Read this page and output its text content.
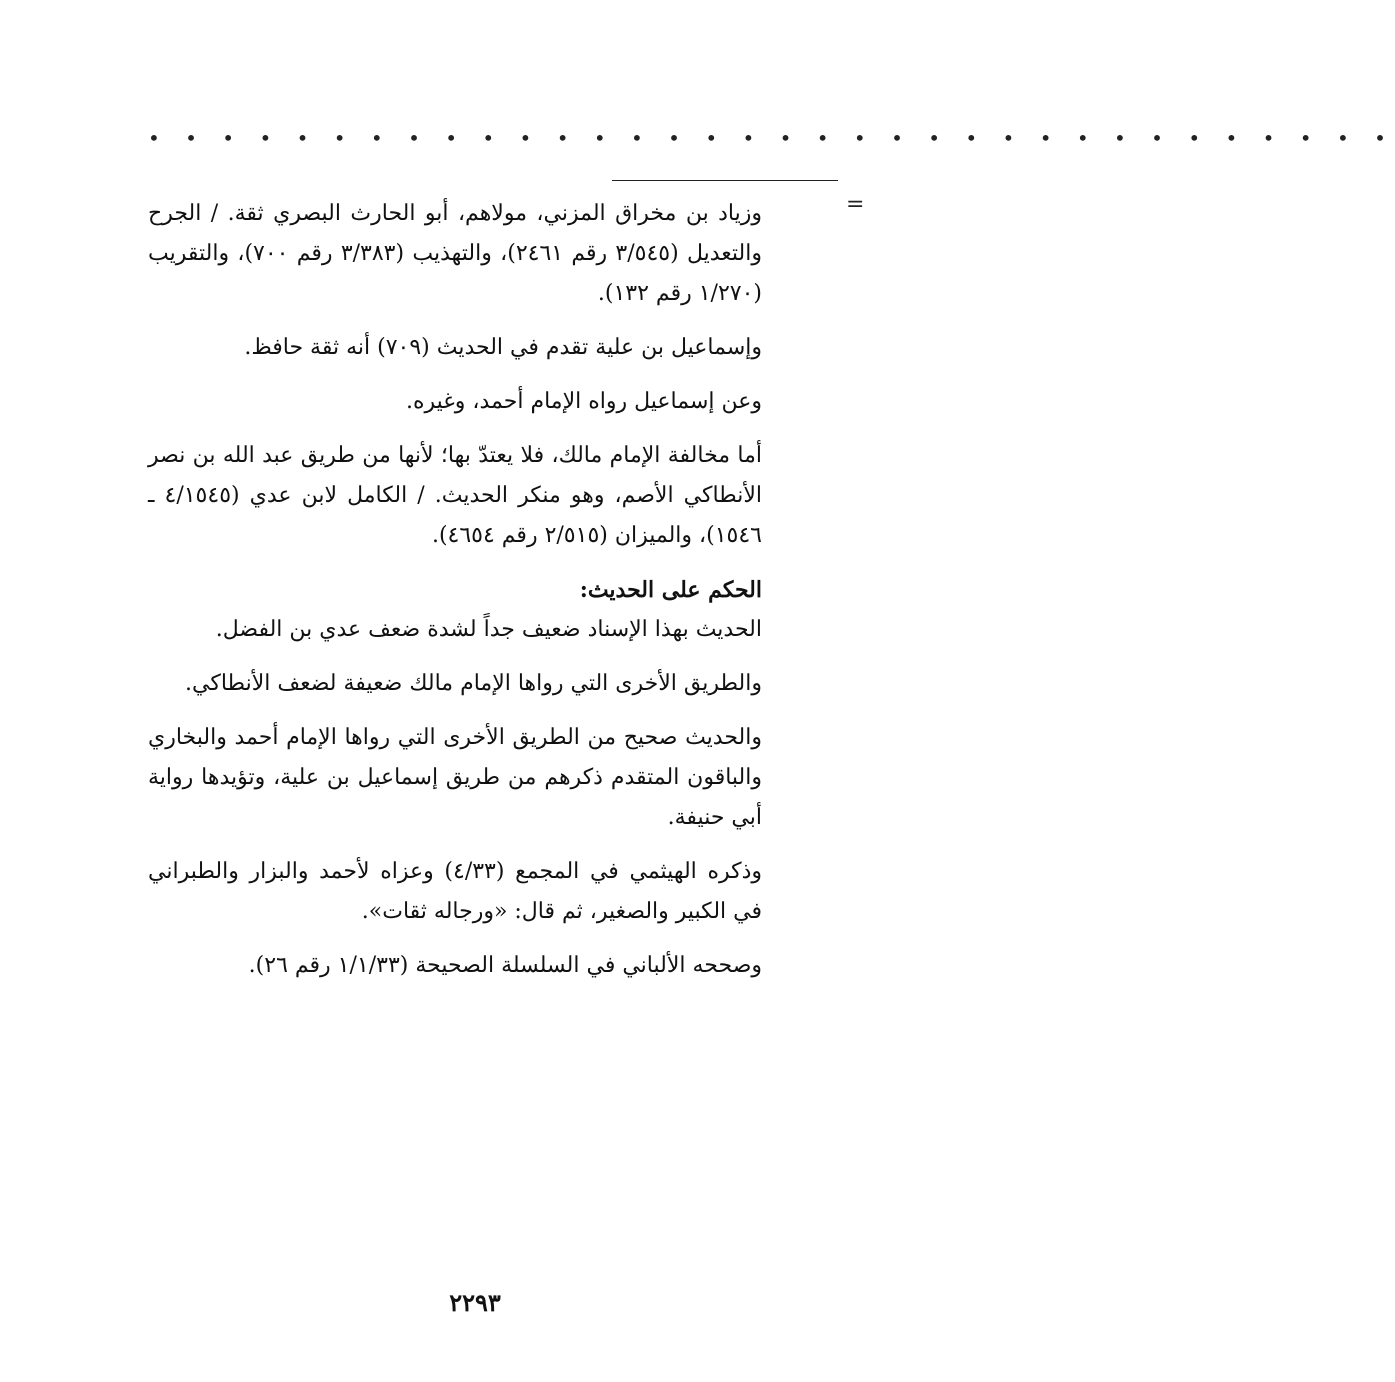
• • • • • • • • • • • • • • • • • • • • • • • • • • • • • • • • • •
=

وزياد بن مخراق المزني، مولاهم، أبو الحارث البصري ثقة. / الجرح والتعديل (٣/٥٤٥ رقم ٢٤٦١)، والتهذيب (٣/٣٨٣ رقم ٧٠٠)، والتقريب (١/٢٧٠ رقم ١٣٢).

وإسماعيل بن علية تقدم في الحديث (٧٠٩) أنه ثقة حافظ.

وعن إسماعيل رواه الإمام أحمد، وغيره.

أما مخالفة الإمام مالك، فلا يعتدّ بها؛ لأنها من طريق عبد الله بن نصر الأنطاكي الأصم، وهو منكر الحديث. / الكامل لابن عدي (٤/١٥٤٥ ـ ١٥٤٦)، والميزان (٢/٥١٥ رقم ٤٦٥٤).

الحكم على الحديث:

الحديث بهذا الإسناد ضعيف جداً لشدة ضعف عدي بن الفضل.

والطريق الأخرى التي رواها الإمام مالك ضعيفة لضعف الأنطاكي.

والحديث صحيح من الطريق الأخرى التي رواها الإمام أحمد والبخاري والباقون المتقدم ذكرهم من طريق إسماعيل بن علية، وتؤيدها رواية أبي حنيفة.

وذكره الهيثمي في المجمع (٤/٣٣) وعزاه لأحمد والبزار والطبراني في الكبير والصغير، ثم قال: «ورجاله ثقات».

وصححه الألباني في السلسلة الصحيحة (١/١/٣٣ رقم ٢٦).

٢٢٩٣
